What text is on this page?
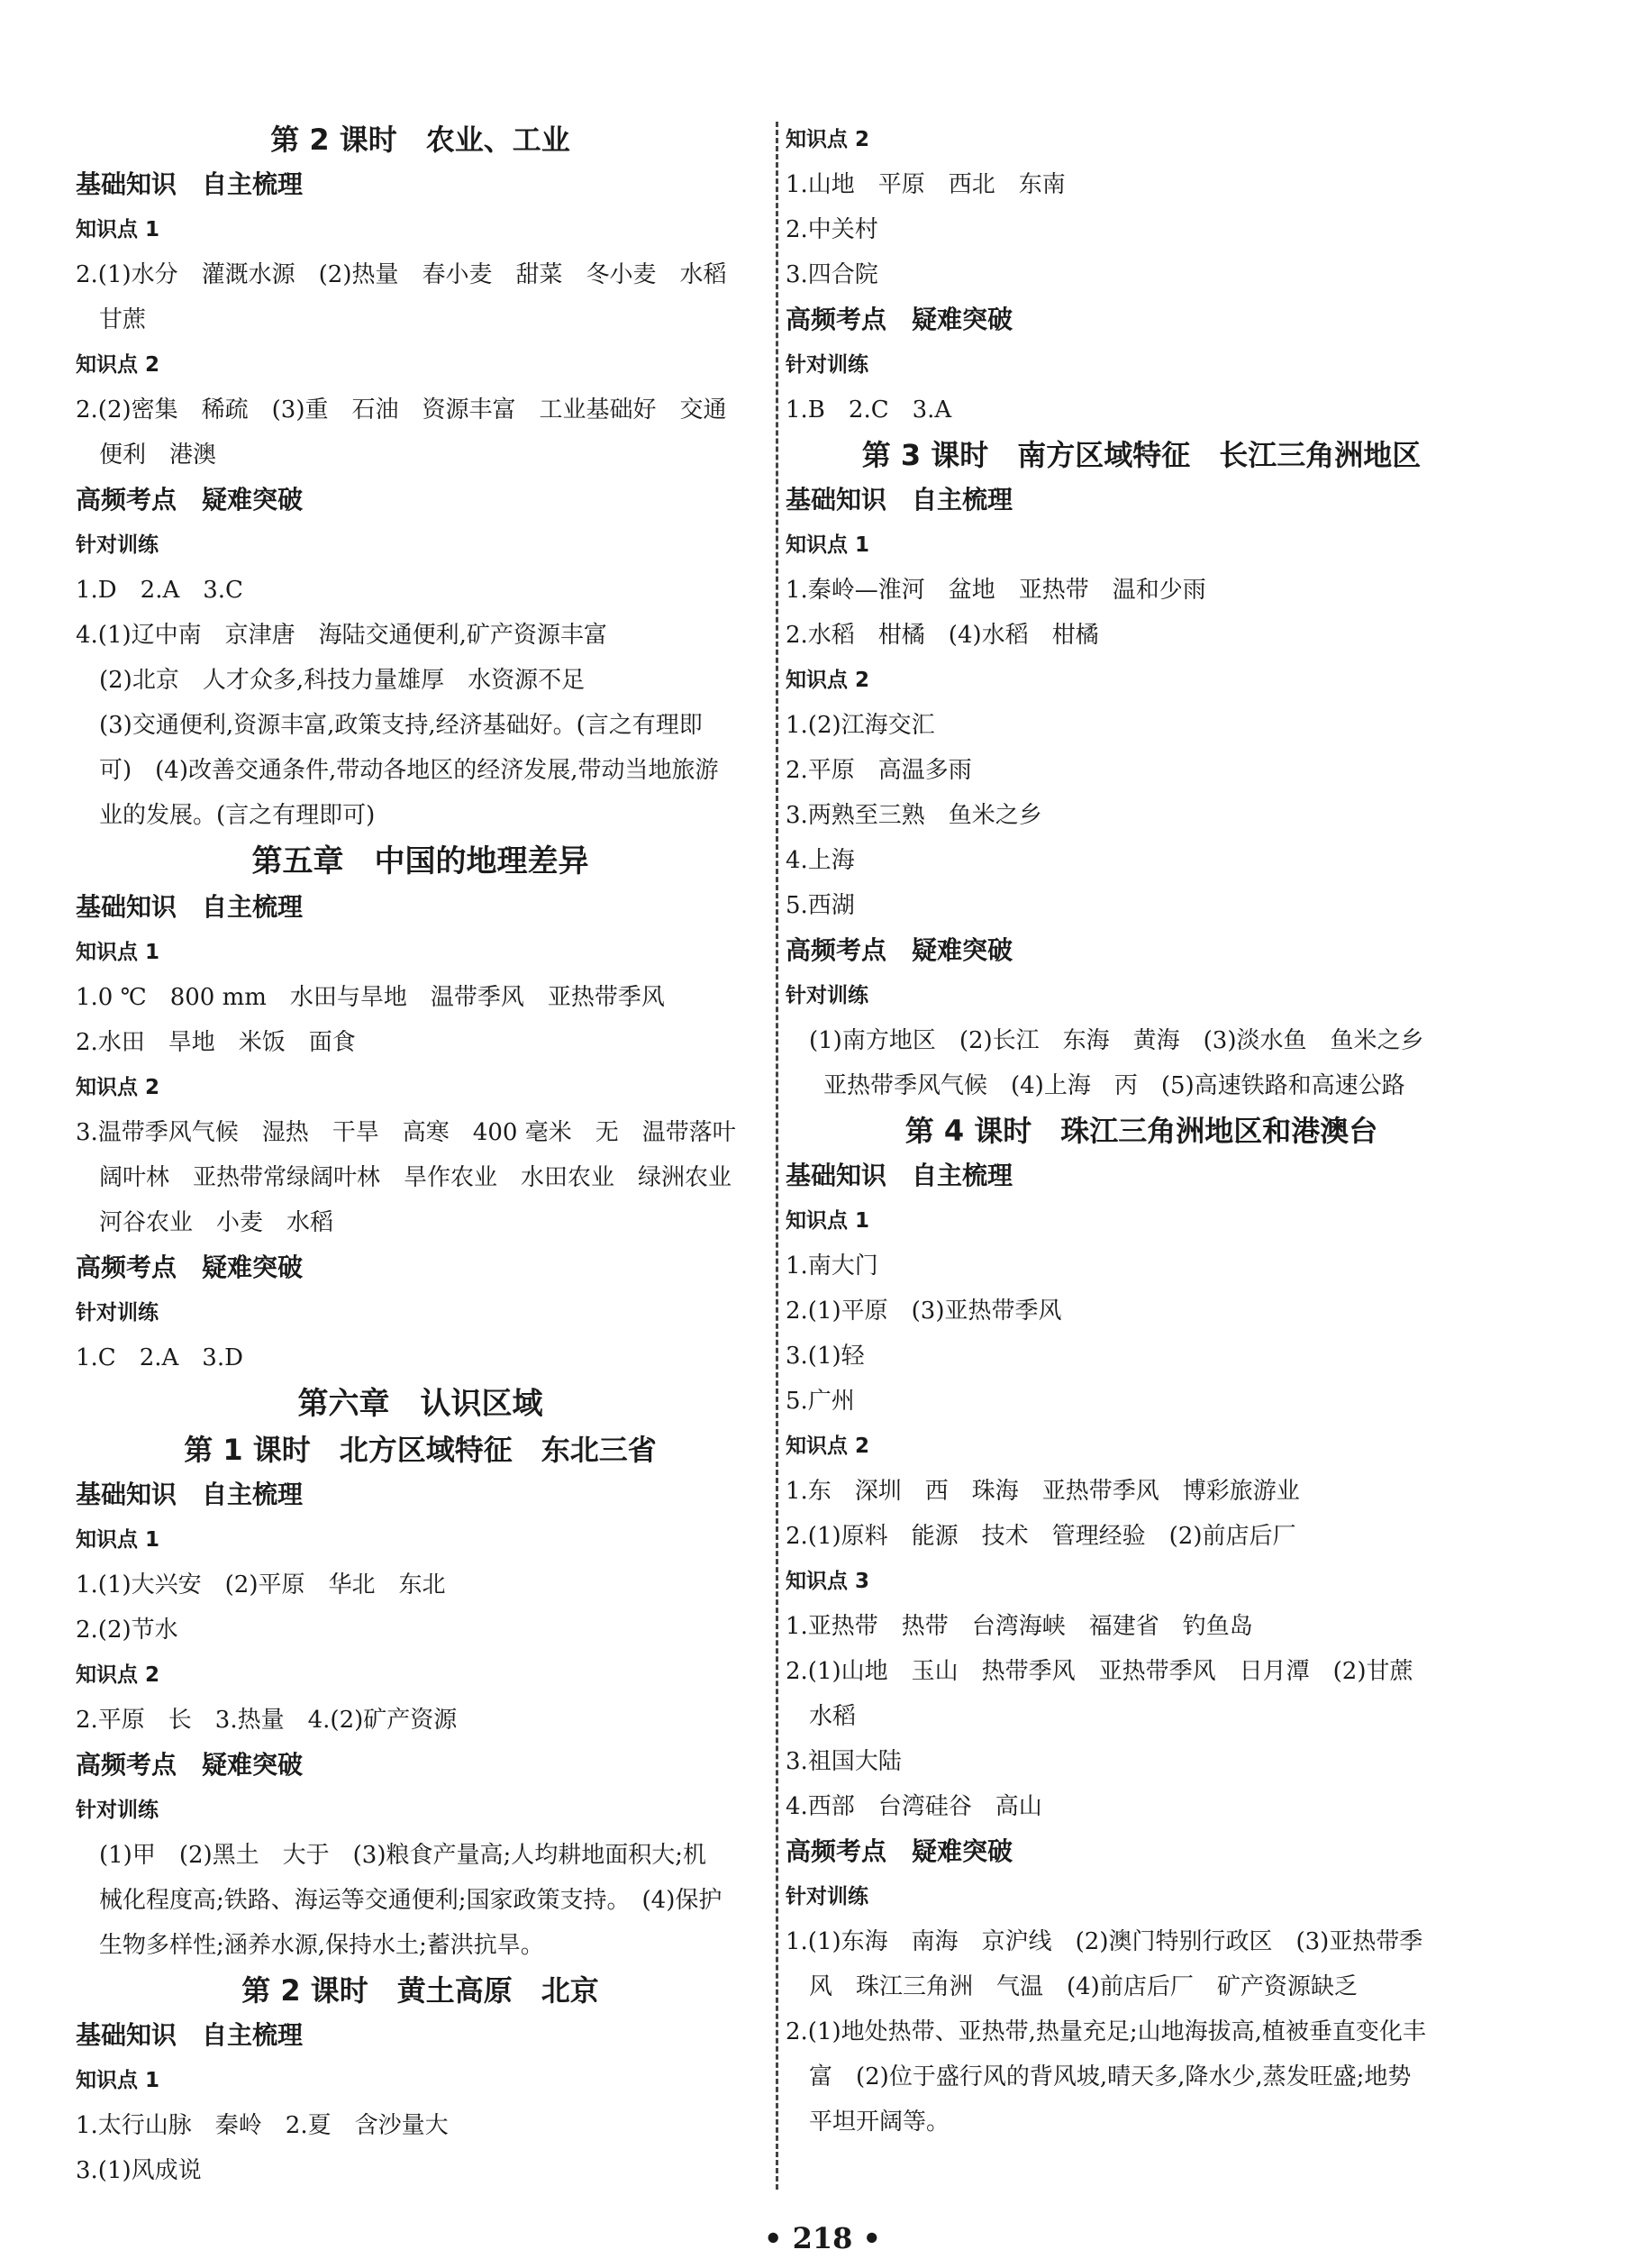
第 2 课时　农业、工业
基础知识　自主梳理
知识点 1
2.(1)水分　灌溉水源　(2)热量　春小麦　甜菜　冬小麦　水稻
甘蔗
知识点 2
2.(2)密集　稀疏　(3)重　石油　资源丰富　工业基础好　交通
便利　港澳
高频考点　疑难突破
针对训练
1.D　2.A　3.C
4.(1)辽中南　京津唐　海陆交通便利,矿产资源丰富
(2)北京　人才众多,科技力量雄厚　水资源不足
(3)交通便利,资源丰富,政策支持,经济基础好。(言之有理即
可)　(4)改善交通条件,带动各地区的经济发展,带动当地旅游
业的发展。(言之有理即可)
第五章　中国的地理差异
基础知识　自主梳理
知识点 1
1.0 ℃　800 mm　水田与旱地　温带季风　亚热带季风
2.水田　旱地　米饭　面食
知识点 2
3.温带季风气候　湿热　干旱　高寒　400 毫米　无　温带落叶
阔叶林　亚热带常绿阔叶林　旱作农业　水田农业　绿洲农业
河谷农业　小麦　水稻
高频考点　疑难突破
针对训练
1.C　2.A　3.D
第六章　认识区域
第 1 课时　北方区域特征　东北三省
基础知识　自主梳理
知识点 1
1.(1)大兴安　(2)平原　华北　东北
2.(2)节水
知识点 2
2.平原　长　3.热量　4.(2)矿产资源
高频考点　疑难突破
针对训练
(1)甲　(2)黑土　大于　(3)粮食产量高;人均耕地面积大;机
械化程度高;铁路、海运等交通便利;国家政策支持。　(4)保护
生物多样性;涵养水源,保持水土;蓄洪抗旱。
第 2 课时　黄土高原　北京
基础知识　自主梳理
知识点 1
1.太行山脉　秦岭　2.夏　含沙量大
3.(1)风成说
知识点 2
1.山地　平原　西北　东南
2.中关村
3.四合院
高频考点　疑难突破
针对训练
1.B　2.C　3.A
第 3 课时　南方区域特征　长江三角洲地区
基础知识　自主梳理
知识点 1
1.秦岭—淮河　盆地　亚热带　温和少雨
2.水稻　柑橘　(4)水稻　柑橘
知识点 2
1.(2)江海交汇
2.平原　高温多雨
3.两熟至三熟　鱼米之乡
4.上海
5.西湖
高频考点　疑难突破
针对训练
(1)南方地区　(2)长江　东海　黄海　(3)淡水鱼　鱼米之乡
亚热带季风气候　(4)上海　丙　(5)高速铁路和高速公路
第 4 课时　珠江三角洲地区和港澳台
基础知识　自主梳理
知识点 1
1.南大门
2.(1)平原　(3)亚热带季风
3.(1)轻
5.广州
知识点 2
1.东　深圳　西　珠海　亚热带季风　博彩旅游业
2.(1)原料　能源　技术　管理经验　(2)前店后厂
知识点 3
1.亚热带　热带　台湾海峡　福建省　钓鱼岛
2.(1)山地　玉山　热带季风　亚热带季风　日月潭　(2)甘蔗
水稻
3.祖国大陆
4.西部　台湾硅谷　高山
高频考点　疑难突破
针对训练
1.(1)东海　南海　京沪线　(2)澳门特别行政区　(3)亚热带季
风　珠江三角洲　气温　(4)前店后厂　矿产资源缺乏
2.(1)地处热带、亚热带,热量充足;山地海拔高,植被垂直变化丰
富　(2)位于盛行风的背风坡,晴天多,降水少,蒸发旺盛;地势
平坦开阔等。
• 218 •
